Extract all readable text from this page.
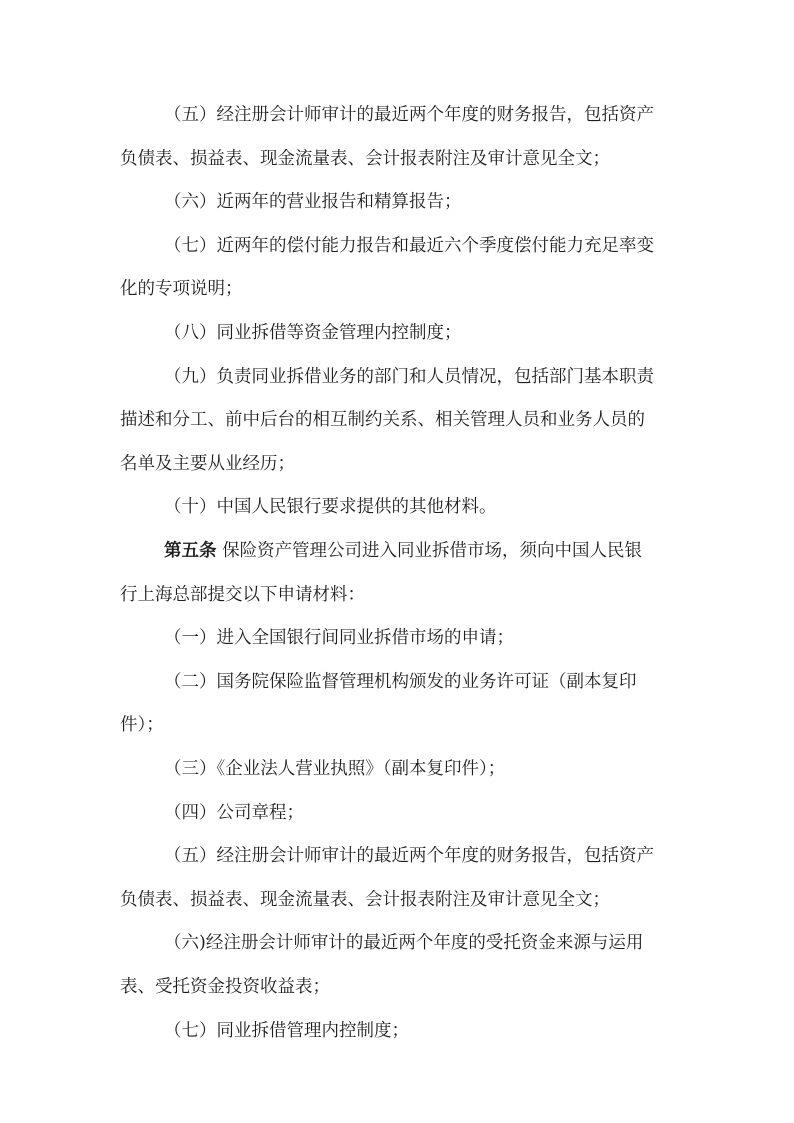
（五）经注册会计师审计的最近两个年度的财务报告，包括资产
负债表、损益表、现金流量表、会计报表附注及审计意见全文；
（六）近两年的营业报告和精算报告；
（七）近两年的偿付能力报告和最近六个季度偿付能力充足率变
化的专项说明；
（八）同业拆借等资金管理内控制度；
（九）负责同业拆借业务的部门和人员情况，包括部门基本职责
描述和分工、前中后台的相互制约关系、相关管理人员和业务人员的
名单及主要从业经历；
（十）中国人民银行要求提供的其他材料。
第五条 保险资产管理公司进入同业拆借市场，须向中国人民银
行上海总部提交以下申请材料：
（一）进入全国银行间同业拆借市场的申请；
（二）国务院保险监督管理机构颁发的业务许可证（副本复印
件）；
（三）《企业法人营业执照》（副本复印件）；
（四）公司章程；
（五）经注册会计师审计的最近两个年度的财务报告，包括资产
负债表、损益表、现金流量表、会计报表附注及审计意见全文；
（六)经注册会计师审计的最近两个年度的受托资金来源与运用
表、受托资金投资收益表；
（七）同业拆借管理内控制度；
